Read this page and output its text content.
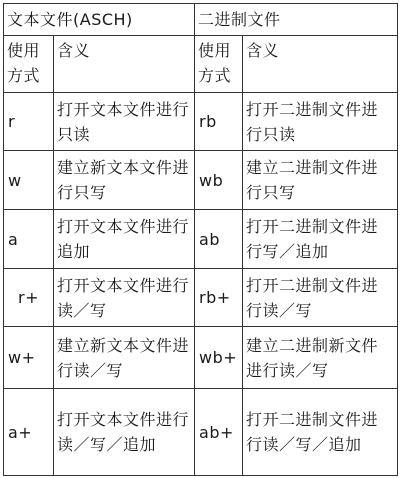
文本文件(ASCH)		二进制文件	
使用方式	含义	使用方式	含义
r	打开文本文件进行只读	rb	打开二进制文件进行只读
w	建立新文本文件进行只写	wb	建立二进制文件进行只写
a	打开文本文件进行追加	ab	打开二进制文件进行写／追加
r+	打开文本文件进行读／写	rb+	打开二进制文件进行读／写
w+	建立新文本文件进行读／写	wb+	建立二进制新文件进行读／写
a+	打开文本文件进行读／写／追加	ab+	打开二进制文件进行读／写／追加
